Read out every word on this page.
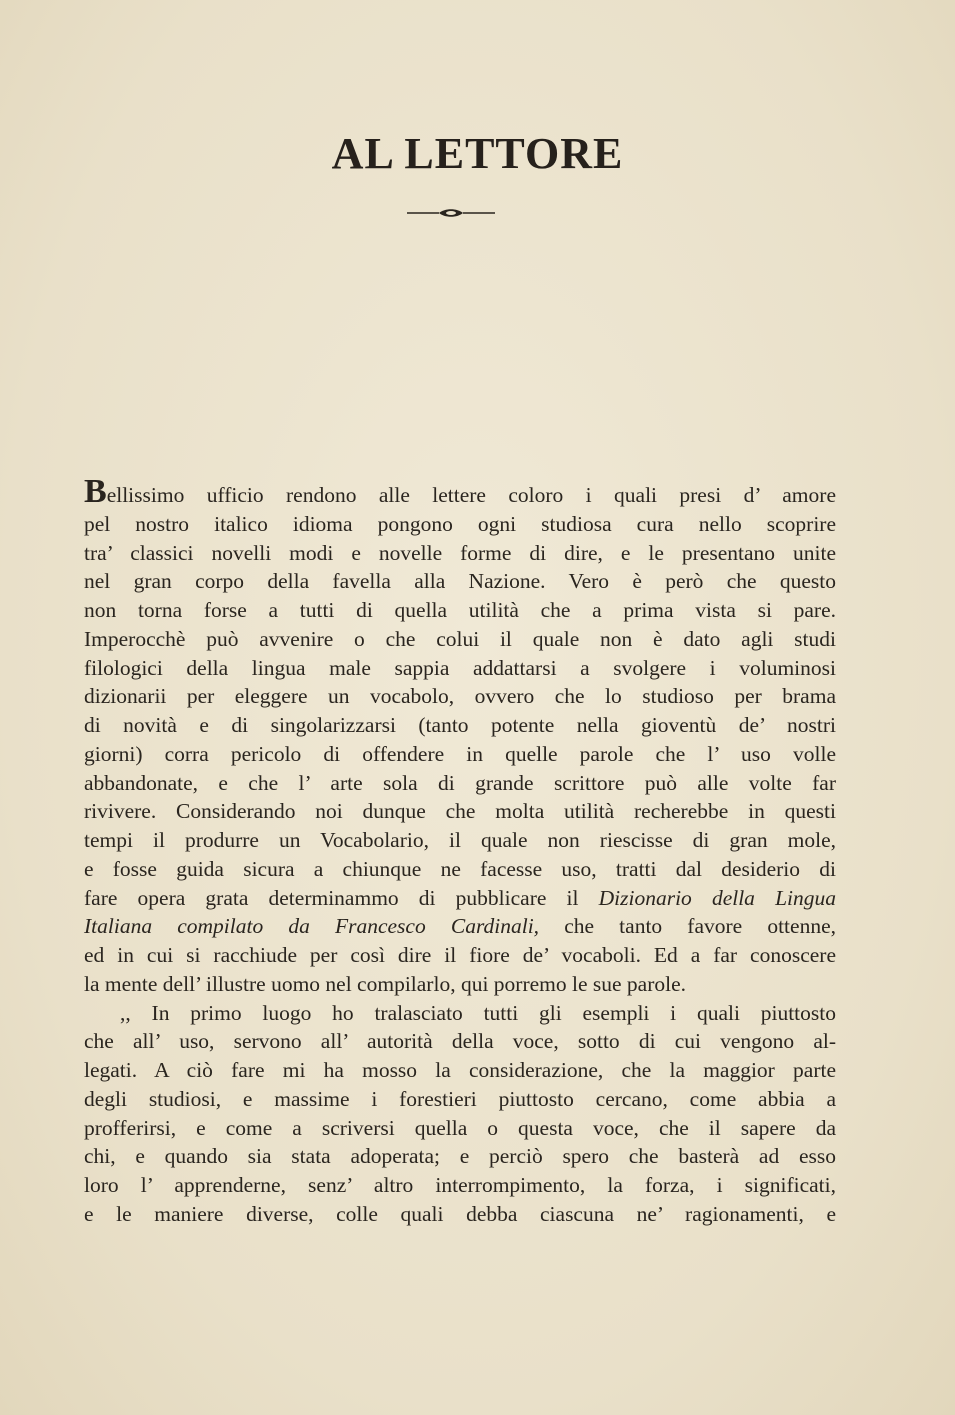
AL LETTORE
Bellissimo ufficio rendono alle lettere coloro i quali presi d’ amore
pel nostro italico idioma pongono ogni studiosa cura nello scoprire
tra’ classici novelli modi e novelle forme di dire, e le presentano unite
nel gran corpo della favella alla Nazione. Vero è però che questo
non torna forse a tutti di quella utilità che a prima vista si pare.
Imperocchè può avvenire o che colui il quale non è dato agli studi
filologici della lingua male sappia addattarsi a svolgere i voluminosi
dizionarii per eleggere un vocabolo, ovvero che lo studioso per brama
di novità e di singolarizzarsi (tanto potente nella gioventù de’ nostri
giorni) corra pericolo di offendere in quelle parole che l’ uso volle
abbandonate, e che l’ arte sola di grande scrittore può alle volte far
rivivere. Considerando noi dunque che molta utilità recherebbe in questi
tempi il produrre un Vocabolario, il quale non riescisse di gran mole,
e fosse guida sicura a chiunque ne facesse uso, tratti dal desiderio di
fare opera grata determinammo di pubblicare il Dizionario della Lingua
Italiana compilato da Francesco Cardinali, che tanto favore ottenne,
ed in cui si racchiude per così dire il fiore de’ vocaboli. Ed a far conoscere
la mente dell’ illustre uomo nel compilarlo, qui porremo le sue parole.
,, In primo luogo ho tralasciato tutti gli esempli i quali piuttosto
che all’ uso, servono all’ autorità della voce, sotto di cui vengono al-
legati. A ciò fare mi ha mosso la considerazione, che la maggior parte
degli studiosi, e massime i forestieri piuttosto cercano, come abbia a
profferirsi, e come a scriversi quella o questa voce, che il sapere da
chi, e quando sia stata adoperata; e perciò spero che basterà ad esso
loro l’ apprenderne, senz’ altro interrompimento, la forza, i significati,
e le maniere diverse, colle quali debba ciascuna ne’ ragionamenti, e
